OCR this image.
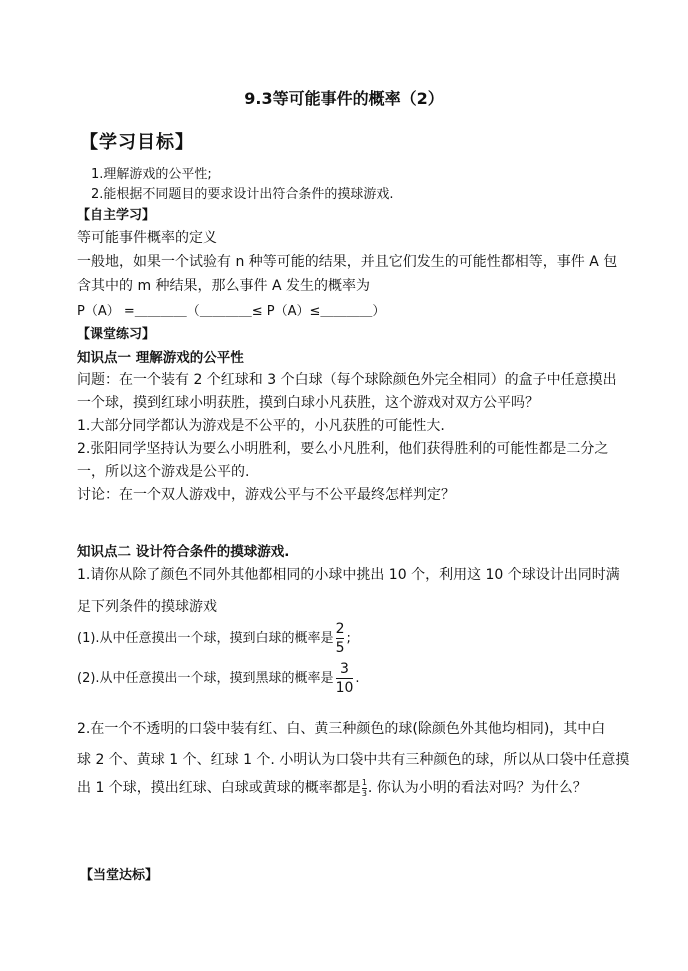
9.3等可能事件的概率（2）
【学习目标】
1.理解游戏的公平性;
2.能根据不同题目的要求设计出符合条件的摸球游戏.
【自主学习】
等可能事件概率的定义
一般地，如果一个试验有 n 种等可能的结果，并且它们发生的可能性都相等，事件 A 包
含其中的 m 种结果，那么事件 A 发生的概率为
P（A） =＿＿＿＿（＿＿＿＿≤ P（A）≤＿＿＿＿）
【课堂练习】
知识点一 理解游戏的公平性
问题：在一个装有 2 个红球和 3 个白球（每个球除颜色外完全相同）的盒子中任意摸出
一个球，摸到红球小明获胜，摸到白球小凡获胜，这个游戏对双方公平吗？
1.大部分同学都认为游戏是不公平的，小凡获胜的可能性大.
2.张阳同学坚持认为要么小明胜利，要么小凡胜利，他们获得胜利的可能性都是二分之
一，所以这个游戏是公平的.
讨论：在一个双人游戏中，游戏公平与不公平最终怎样判定？
知识点二 设计符合条件的摸球游戏.
1.请你从除了颜色不同外其他都相同的小球中挑出 10 个，利用这 10 个球设计出同时满
足下列条件的摸球游戏
(1).从中任意摸出一个球，摸到白球的概率是 $\frac{2}{5}$ ;
(2).从中任意摸出一个球，摸到黑球的概率是 $\frac{3}{10}$ .
2.在一个不透明的口袋中装有红、白、黄三种颜色的球(除颜色外其他均相同)，其中白
球 2 个、黄球 1 个、红球 1 个. 小明认为口袋中共有三种颜色的球，所以从口袋中任意摸
出 1 个球，摸出红球、白球或黄球的概率都是 $\frac{1}{3}$ . 你认为小明的看法对吗？为什么？
【当堂达标】
